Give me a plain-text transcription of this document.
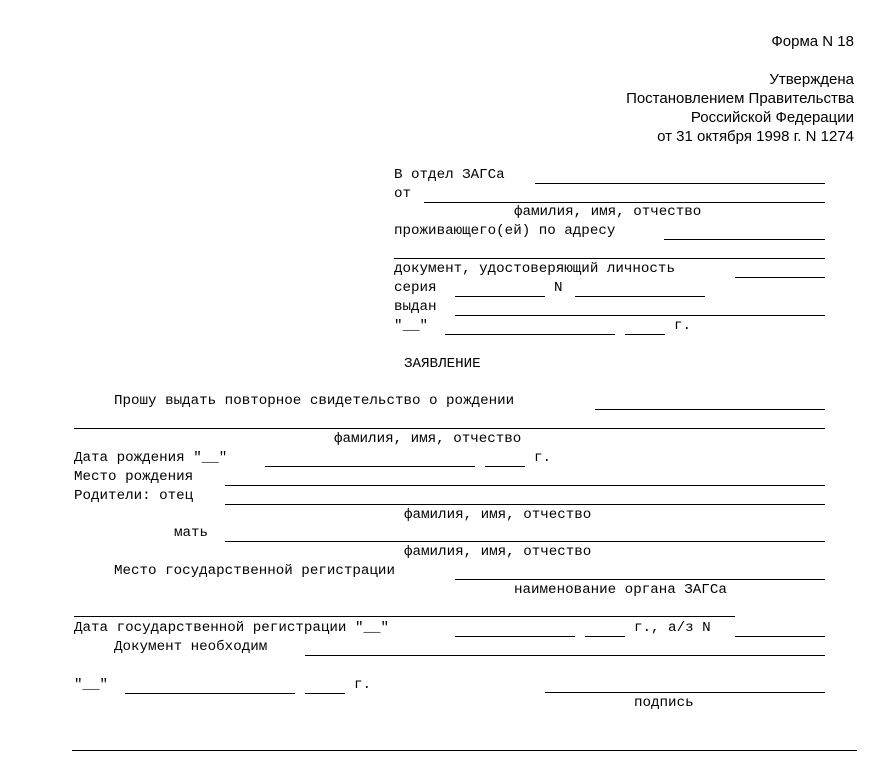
Форма N 18
Утверждена
Постановлением Правительства
Российской Федерации
от 31 октября 1998 г. N 1274
В отдел ЗАГСа
от
фамилия, имя, отчество
проживающего(ей) по адресу
документ, удостоверяющий личность
серия	N
выдан
"__"	г.
ЗАЯВЛЕНИЕ
Прошу выдать повторное свидетельство о рождении
фамилия, имя, отчество
Дата рождения "__"	г.
Место рождения
Родители: отец
фамилия, имя, отчество
мать
фамилия, имя, отчество
Место государственной регистрации
наименование органа ЗАГСа
Дата государственной регистрации "__"	г., а/з N
Документ необходим
"__"	г.
подпись
